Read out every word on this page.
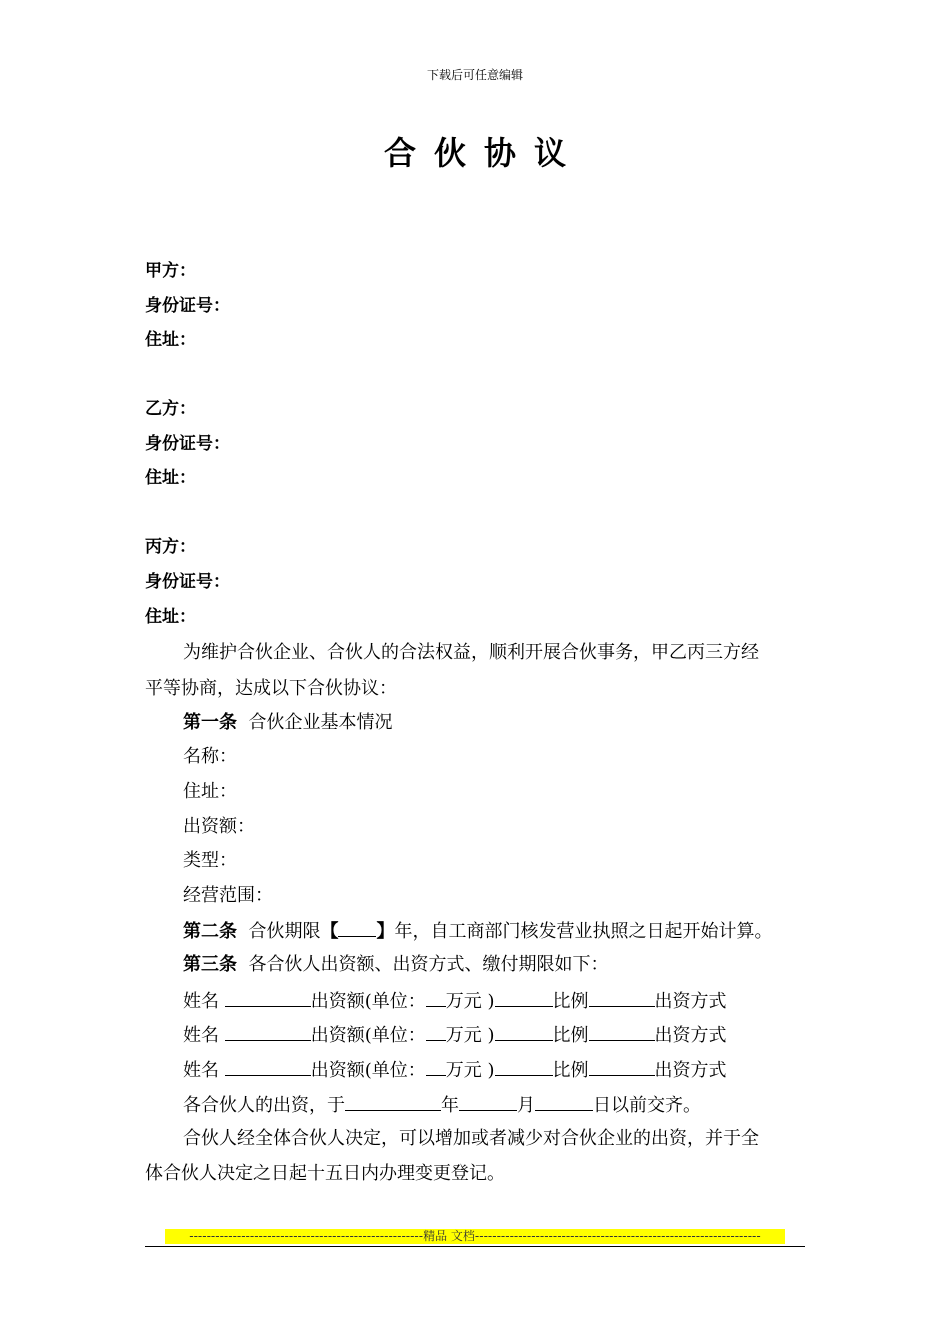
下载后可任意编辑
合伙协议
甲方：
身份证号：
住址：
乙方：
身份证号：
住址：
丙方：
身份证号：
住址：
为维护合伙企业、合伙人的合法权益，顺利开展合伙事务，甲乙丙三方经
平等协商，达成以下合伙协议：
第一条 合伙企业基本情况
名称：
住址：
出资额：
类型：
经营范围：
第二条 合伙期限【 】年，自工商部门核发营业执照之日起开始计算。
第三条 各合伙人出资额、出资方式、缴付期限如下：
姓名	出资额(单位： 万元 )	比例	出资方式
姓名	出资额(单位： 万元 )	比例	出资方式
姓名	出资额(单位： 万元 )	比例	出资方式
各合伙人的出资，于	年	月	日以前交齐。
合伙人经全体合伙人决定，可以增加或者减少对合伙企业的出资，并于全
体合伙人决定之日起十五日内办理变更登记。
------------------------------------------------------精品 文档------------------------------------------------------------------
